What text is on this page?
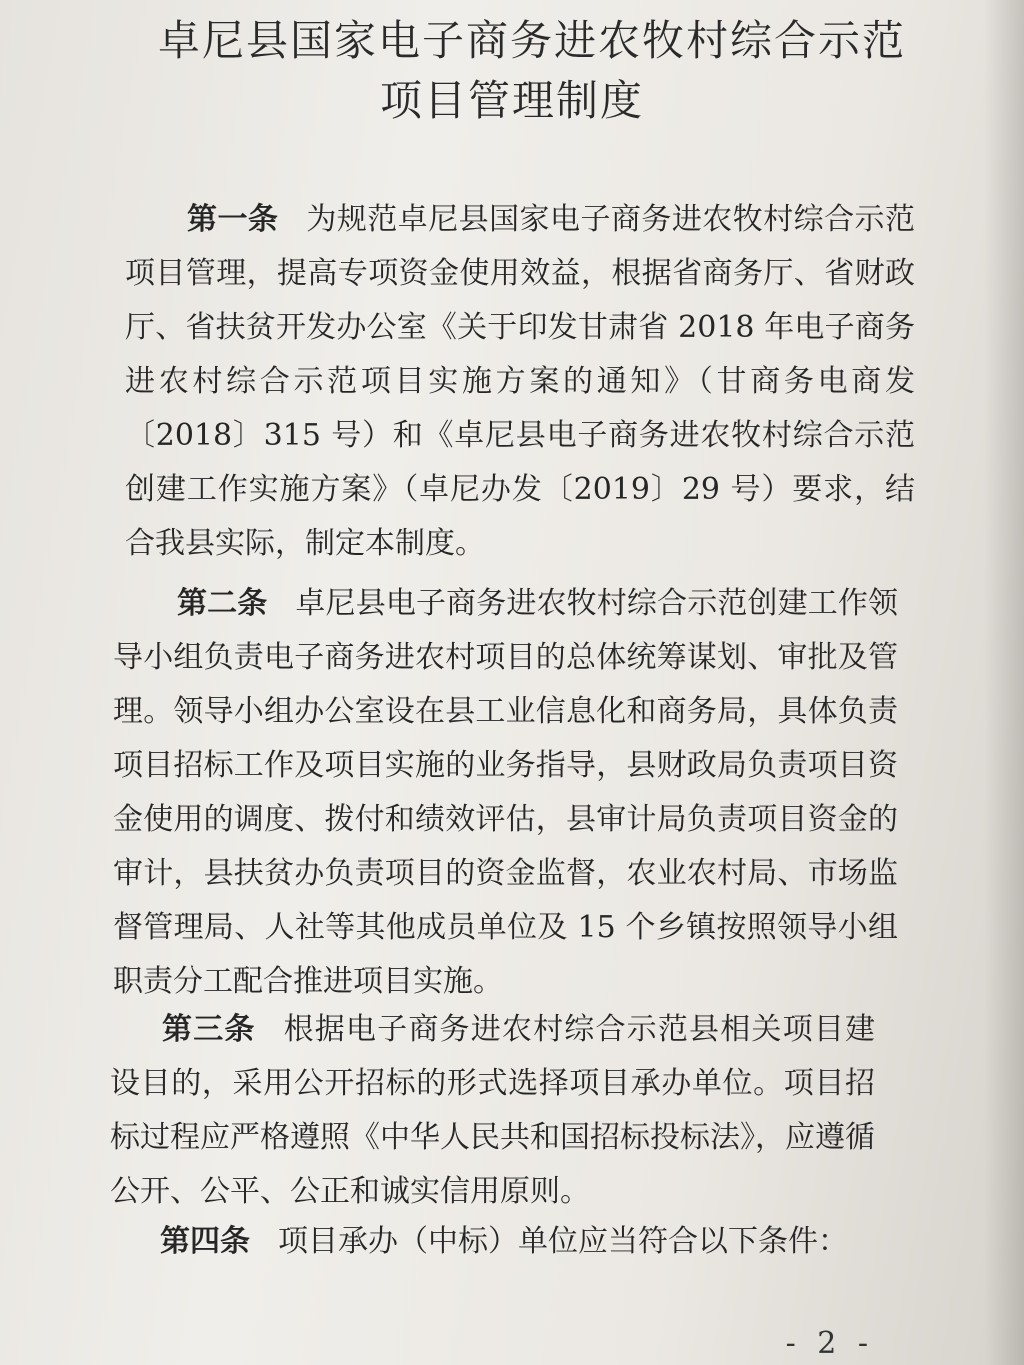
卓尼县国家电子商务进农牧村综合示范
项目管理制度

第一条 为规范卓尼县国家电子商务进农牧村综合示范项目管理，提高专项资金使用效益，根据省商务厅、省财政厅、省扶贫开发办公室《关于印发甘肃省 2018 年电子商务进农村综合示范项目实施方案的通知》（甘商务电商发〔2018〕315 号）和《卓尼县电子商务进农牧村综合示范创建工作实施方案》（卓尼办发〔2019〕29 号）要求，结合我县实际，制定本制度。

第二条 卓尼县电子商务进农牧村综合示范创建工作领导小组负责电子商务进农村项目的总体统筹谋划、审批及管理。领导小组办公室设在县工业信息化和商务局，具体负责项目招标工作及项目实施的业务指导，县财政局负责项目资金使用的调度、拨付和绩效评估，县审计局负责项目资金的审计，县扶贫办负责项目的资金监督，农业农村局、市场监督管理局、人社等其他成员单位及 15 个乡镇按照领导小组职责分工配合推进项目实施。

第三条 根据电子商务进农村综合示范县相关项目建设目的，采用公开招标的形式选择项目承办单位。项目招标过程应严格遵照《中华人民共和国招标投标法》，应遵循公开、公平、公正和诚实信用原则。

第四条 项目承办（中标）单位应当符合以下条件：

- 2 -
